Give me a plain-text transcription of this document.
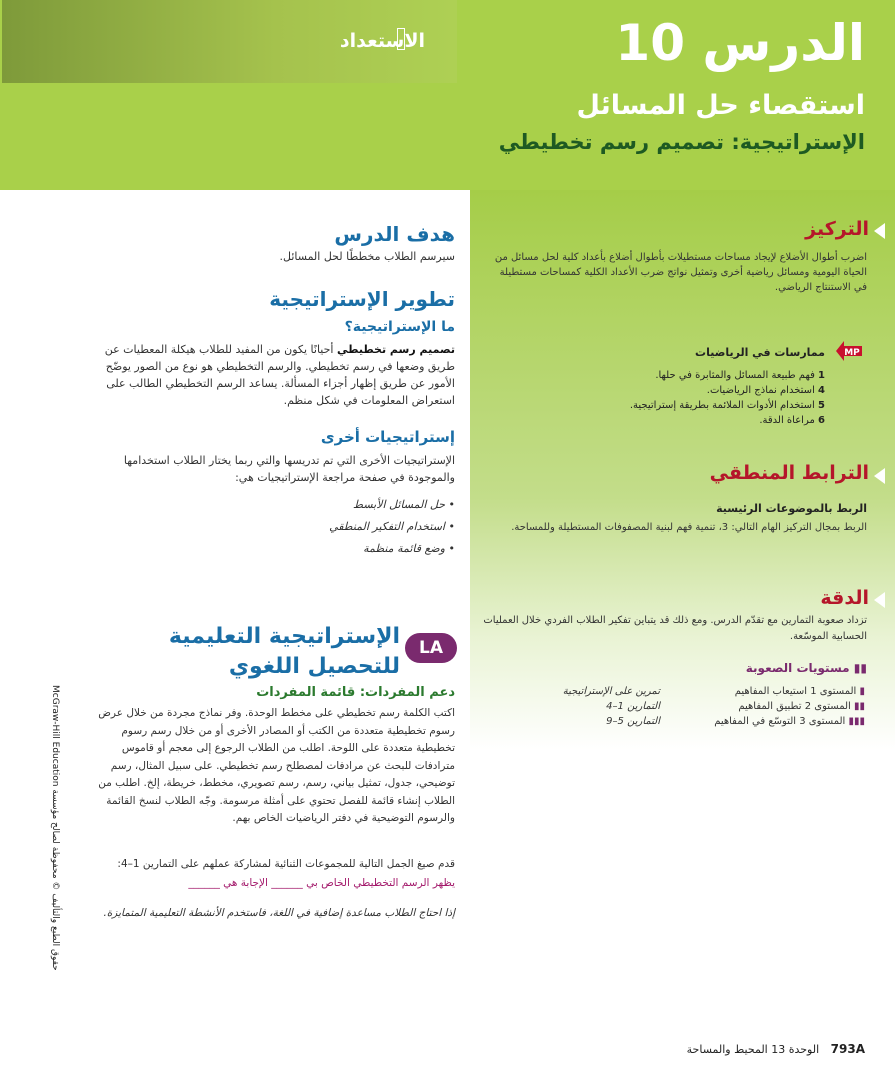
الاستعداد	الدرس 10
استقصاء حل المسائل
الإستراتيجية: تصميم رسم تخطيطي
التركيز
اضرب أطوال الأضلاع لإيجاد مساحات مستطيلات بأطوال أضلاع بأعداد كلية لحل مسائل من الحياة اليومية ومسائل رياضية أخرى وتمثيل نواتج ضرب الأعداد الكلية كمساحات مستطيلة في الاستنتاج الرياضي.
MP
ممارسات في الرياضيات
1 فهم طبيعة المسائل والمثابرة في حلها.
4 استخدام نماذج الرياضيات.
5 استخدام الأدوات الملائمة بطريقة إستراتيجية.
6 مراعاة الدقة.
الترابط المنطقي
الربط بالموضوعات الرئيسية
الربط بمجال التركيز الهام التالي: 3، تنمية فهم لبنية المصفوفات المستطيلة وللمساحة.
الدقة
تزداد صعوبة التمارين مع تقدّم الدرس. ومع ذلك قد يتباين تفكير الطلاب الفردي خلال العمليات الحسابية الموسّعة.
▮▮ مستويات الصعوبة
▮ المستوى 1 استيعاب المفاهيم
▮▮ المستوى 2 تطبيق المفاهيم
▮▮▮ المستوى 3 التوسّع في المفاهيم
تمرين على الإستراتيجية
التمارين 1–4
التمارين 5–9
هدف الدرس
سيرسم الطلاب مخططًا لحل المسائل.
تطوير الإستراتيجية
ما الإستراتيجية؟
تصميم رسم تخطيطي أحيانًا يكون من المفيد للطلاب هيكلة المعطيات عن طريق وضعها في رسم تخطيطي. والرسم التخطيطي هو نوع من الصور يوضّح الأمور عن طريق إظهار أجزاء المسألة. يساعد الرسم التخطيطي الطالب على استعراض المعلومات في شكل منظم.
إستراتيجيات أخرى
الإستراتيجيات الأخرى التي تم تدريسها والتي ربما يختار الطلاب استخدامها والموجودة في صفحة مراجعة الإستراتيجيات هي:
• حل المسائل الأبسط
• استخدام التفكير المنطقي
• وضع قائمة منظمة
LA
الإستراتيجية التعليمية للتحصيل اللغوي
دعم المفردات: قائمة المفردات
اكتب الكلمة رسم تخطيطي على مخطط الوحدة. وفر نماذج مجردة من خلال عرض رسوم تخطيطية متعددة من الكتب أو المصادر الأخرى أو من خلال رسم رسوم تخطيطية متعددة على اللوحة. اطلب من الطلاب الرجوع إلى معجم أو قاموس مترادفات للبحث عن مرادفات لمصطلح رسم تخطيطي. على سبيل المثال، رسم توضيحي، جدول، تمثيل بياني، رسم، رسم تصويري، مخطط، خريطة، إلخ. اطلب من الطلاب إنشاء قائمة للفصل تحتوي على أمثلة مرسومة. وجّه الطلاب لنسخ القائمة والرسوم التوضيحية في دفتر الرياضيات الخاص بهم.
قدم صيغ الجمل التالية للمجموعات الثنائية لمشاركة عملهم على التمارين 1–4:
يظهر الرسم التخطيطي الخاص بي ______ الإجابة هي ______
إذا احتاج الطلاب مساعدة إضافية في اللغة، فاستخدم الأنشطة التعليمية المتمايزة.
حقوق الطبع والتأليف © محفوظة لصالح مؤسسة McGraw-Hill Education
793A الوحدة 13 المحيط والمساحة
